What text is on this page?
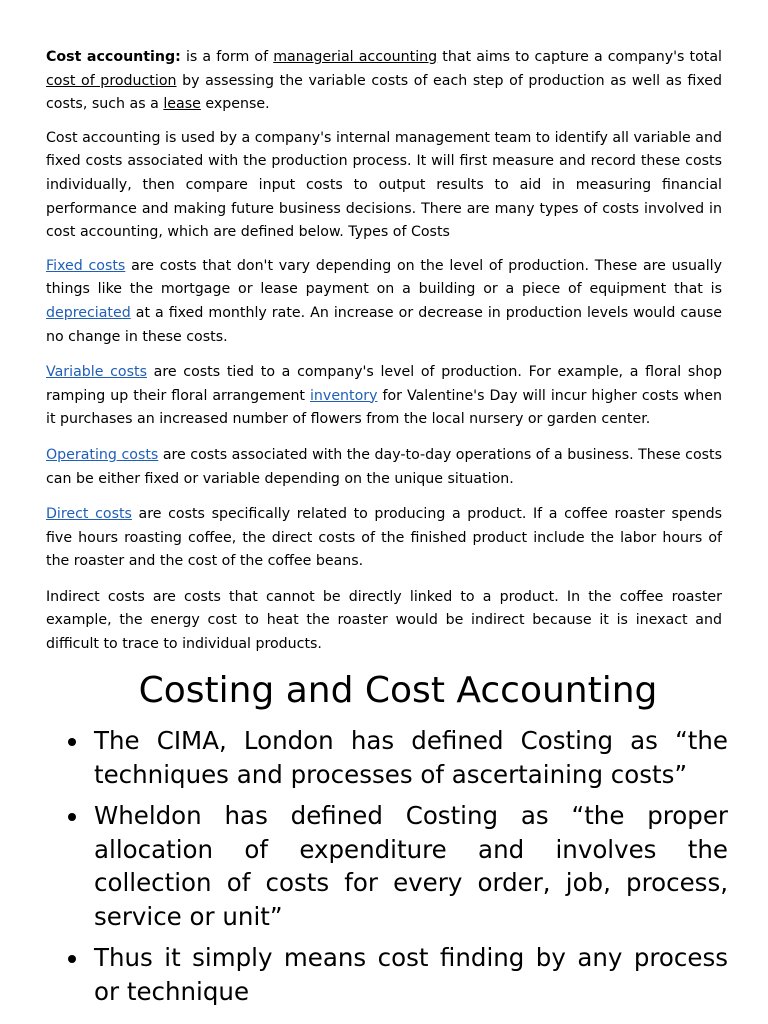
Cost accounting: is a form of managerial accounting that aims to capture a company's total cost of production by assessing the variable costs of each step of production as well as fixed costs, such as a lease expense.

Cost accounting is used by a company's internal management team to identify all variable and fixed costs associated with the production process. It will first measure and record these costs individually, then compare input costs to output results to aid in measuring financial performance and making future business decisions. There are many types of costs involved in cost accounting, which are defined below. Types of Costs

Fixed costs are costs that don't vary depending on the level of production. These are usually things like the mortgage or lease payment on a building or a piece of equipment that is depreciated at a fixed monthly rate. An increase or decrease in production levels would cause no change in these costs.

Variable costs are costs tied to a company's level of production. For example, a floral shop ramping up their floral arrangement inventory for Valentine's Day will incur higher costs when it purchases an increased number of flowers from the local nursery or garden center.

Operating costs are costs associated with the day-to-day operations of a business. These costs can be either fixed or variable depending on the unique situation.

Direct costs are costs specifically related to producing a product. If a coffee roaster spends five hours roasting coffee, the direct costs of the finished product include the labor hours of the roaster and the cost of the coffee beans.

Indirect costs are costs that cannot be directly linked to a product. In the coffee roaster example, the energy cost to heat the roaster would be indirect because it is inexact and difficult to trace to individual products.

Costing and Cost Accounting
The CIMA, London has defined Costing as “the techniques and processes of ascertaining costs”
Wheldon has defined Costing as “the proper allocation of expenditure and involves the collection of costs for every order, job, process, service or unit”
Thus it simply means cost finding by any process or technique
